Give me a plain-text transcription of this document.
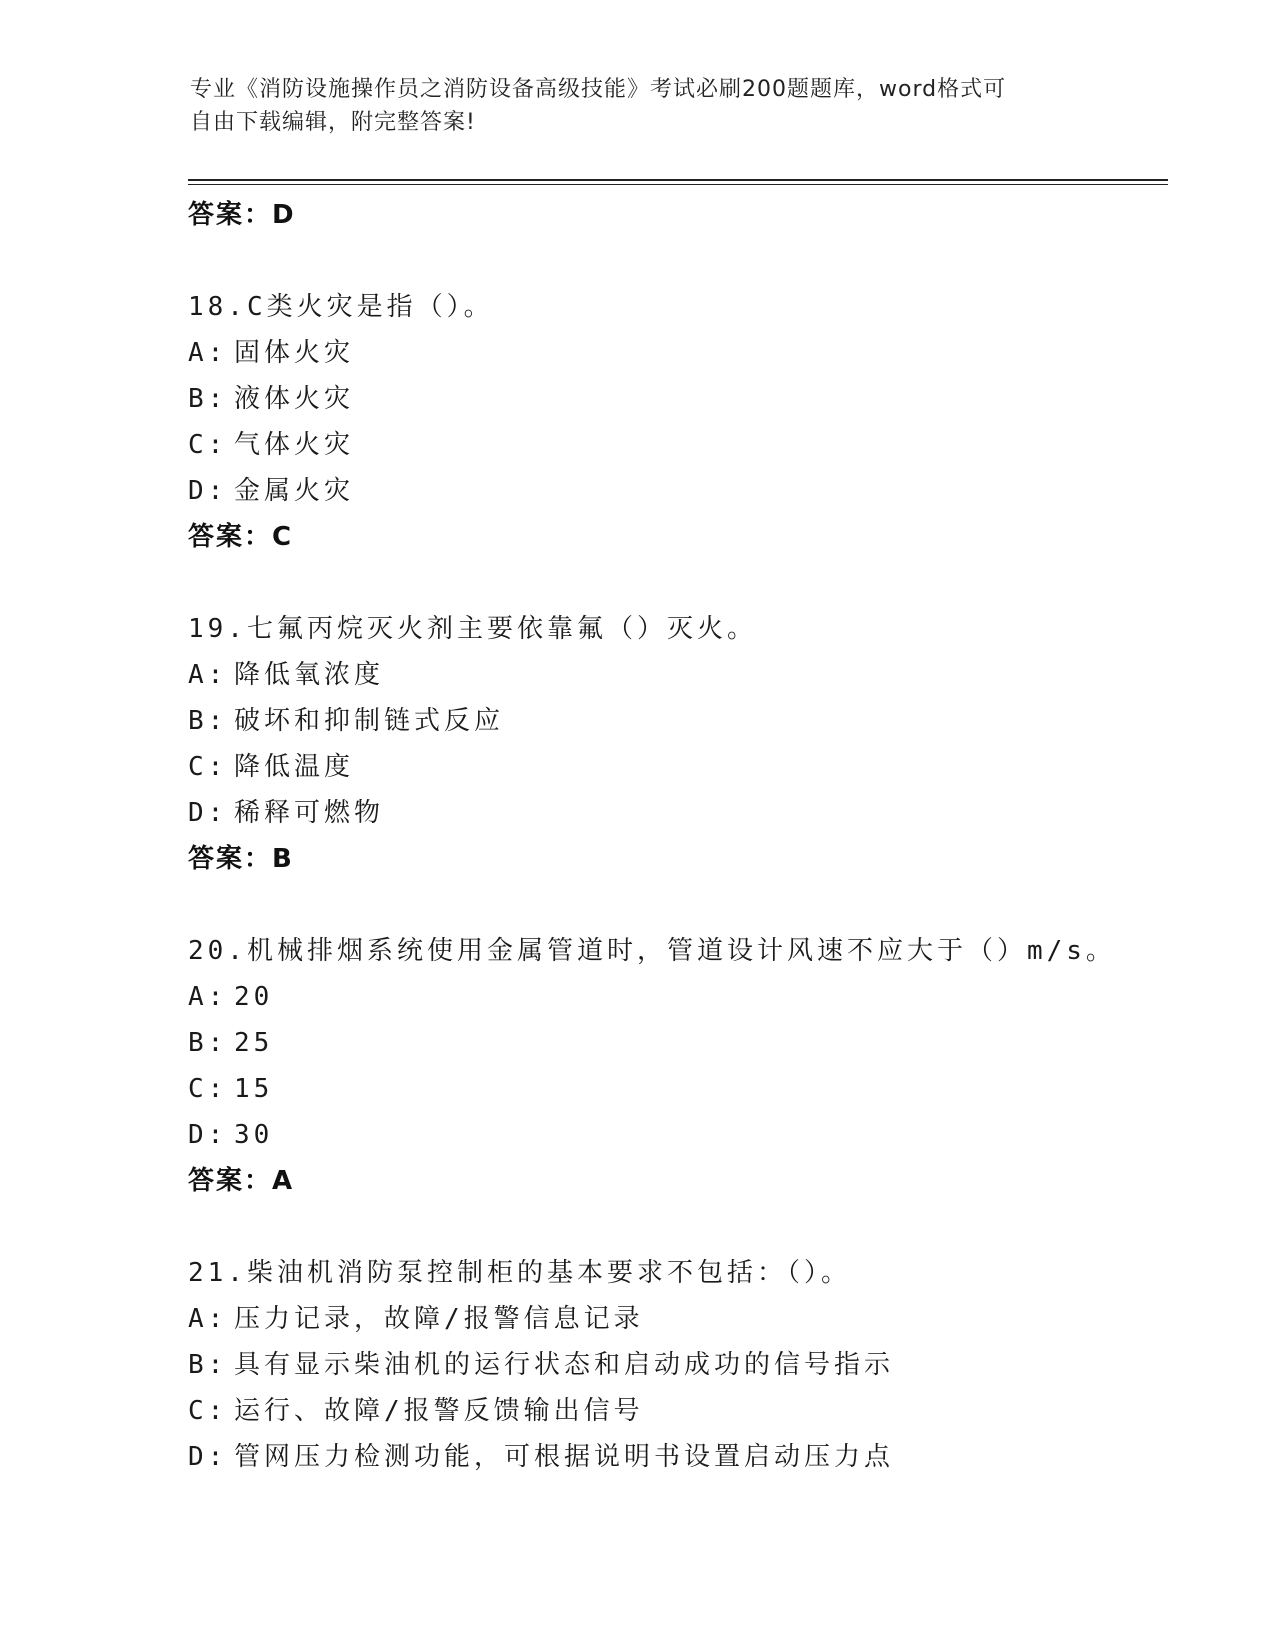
专业《消防设施操作员之消防设备高级技能》考试必刷200题题库，word格式可
自由下载编辑，附完整答案!
答案：D
18.C类火灾是指（）。
A: 固体火灾
B: 液体火灾
C: 气体火灾
D: 金属火灾
答案：C
19.七氟丙烷灭火剂主要依靠氟（）灭火。
A: 降低氧浓度
B: 破坏和抑制链式反应
C: 降低温度
D: 稀释可燃物
答案：B
20.机械排烟系统使用金属管道时，管道设计风速不应大于（）m/s。
A: 20
B: 25
C: 15
D: 30
答案：A
21.柴油机消防泵控制柜的基本要求不包括：（）。
A: 压力记录，故障/报警信息记录
B: 具有显示柴油机的运行状态和启动成功的信号指示
C: 运行、故障/报警反馈输出信号
D: 管网压力检测功能，可根据说明书设置启动压力点
